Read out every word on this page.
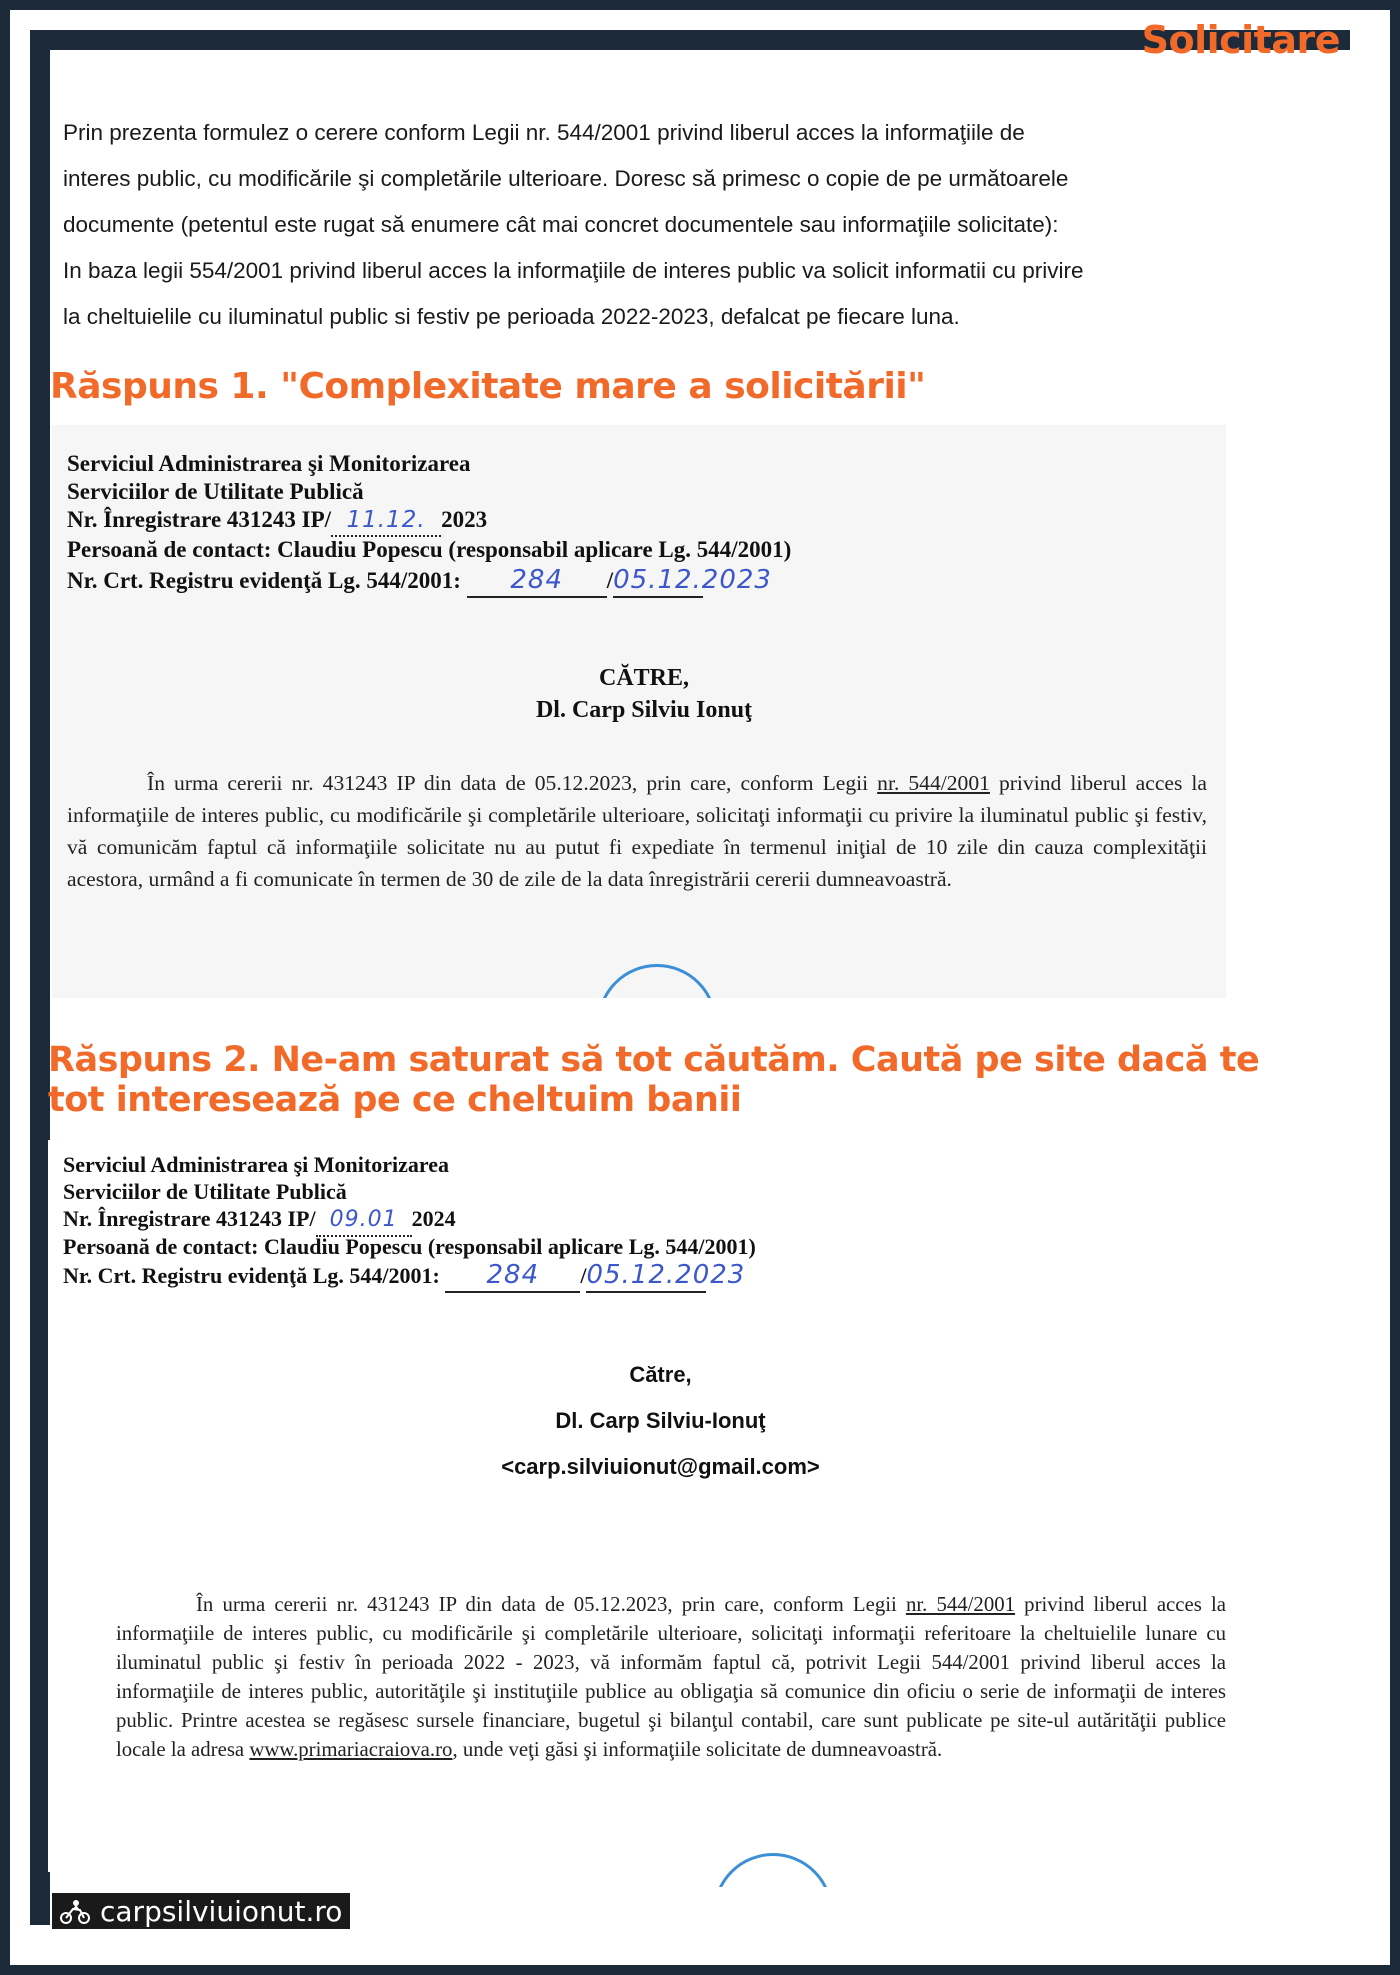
Solicitare

Prin prezenta formulez o cerere conform Legii nr. 544/2001 privind liberul acces la informaţiile de

interes public, cu modificările şi completările ulterioare. Doresc să primesc o copie de pe următoarele

documente (petentul este rugat să enumere cât mai concret documentele sau informaţiile solicitate):

In baza legii 554/2001 privind liberul acces la informaţiile de interes public va solicit informatii cu privire

la cheltuielile cu iluminatul public si festiv pe perioada 2022-2023, defalcat pe fiecare luna.

Răspuns 1. "Complexitate mare a solicitării"
Serviciul Administrarea şi Monitorizarea
Serviciilor de Utilitate Publică
Nr. Înregistrare 431243 IP/ 11.12. 2023
Persoană de contact: Claudiu Popescu (responsabil aplicare Lg. 544/2001)
Nr. Crt. Registru evidenţă Lg. 544/2001: 284 /05.12.2023
CĂTRE,
Dl. Carp Silviu Ionuţ

În urma cererii nr. 431243 IP din data de 05.12.2023, prin care, conform Legii nr. 544/2001 privind liberul acces la informaţiile de interes public, cu modificările şi completările ulterioare, solicitaţi informaţii cu privire la iluminatul public şi festiv, vă comunicăm faptul că informaţiile solicitate nu au putut fi expediate în termenul iniţial de 10 zile din cauza complexităţii acestora, urmând a fi comunicate în termen de 30 de zile de la data înregistrării cererii dumneavoastră.

Răspuns 2. Ne-am saturat să tot căutăm. Caută pe site dacă te tot interesează pe ce cheltuim banii
Serviciul Administrarea şi Monitorizarea
Serviciilor de Utilitate Publică
Nr. Înregistrare 431243 IP/ 09.01 2024
Persoană de contact: Claudiu Popescu (responsabil aplicare Lg. 544/2001)
Nr. Crt. Registru evidenţă Lg. 544/2001: 284 /05.12.2023
Către,
Dl. Carp Silviu-Ionuţ
<carp.silviuionut@gmail.com>

În urma cererii nr. 431243 IP din data de 05.12.2023, prin care, conform Legii nr. 544/2001 privind liberul acces la informaţiile de interes public, cu modificările şi completările ulterioare, solicitaţi informaţii referitoare la cheltuielile lunare cu iluminatul public şi festiv în perioada 2022 - 2023, vă informăm faptul că, potrivit Legii 544/2001 privind liberul acces la informaţiile de interes public, autorităţile şi instituţiile publice au obligaţia să comunice din oficiu o serie de informaţii de interes public. Printre acestea se regăsesc sursele financiare, bugetul şi bilanţul contabil, care sunt publicate pe site-ul autărităţii publice locale la adresa www.primariacraiova.ro, unde veţi găsi şi informaţiile solicitate de dumneavoastră.

carpsilviuionut.ro
